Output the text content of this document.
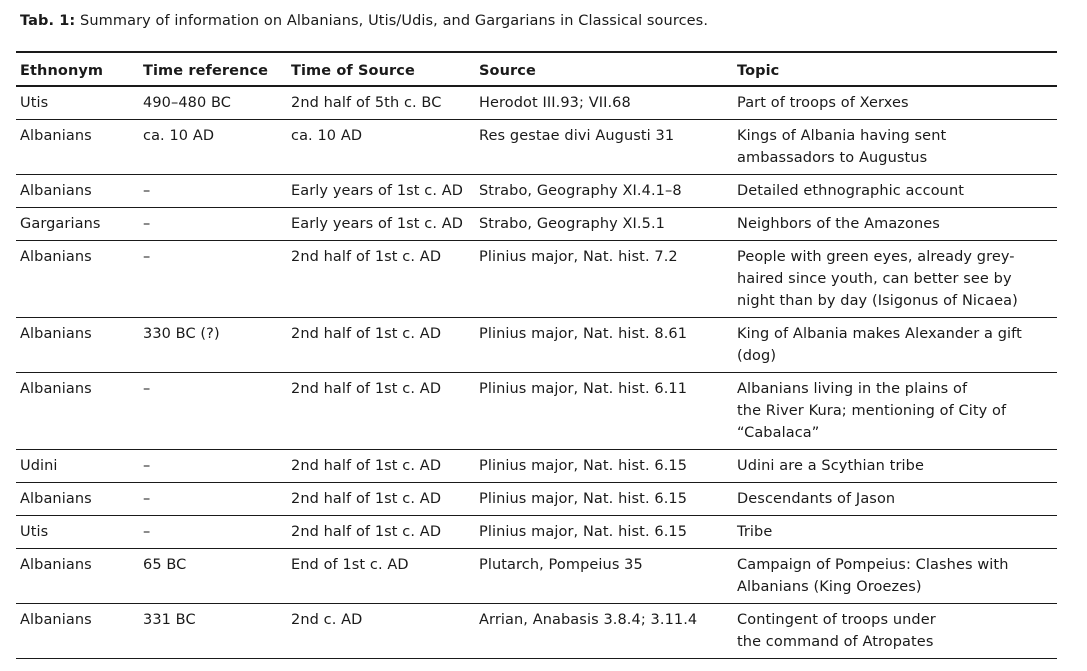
Tab. 1: Summary of information on Albanians, Utis/Udis, and Gargarians in Classical sources.
Ethnonym	Time reference	Time of Source	Source	Topic
Utis	490–480 BC	2nd half of 5th c. BC	Herodot III.93; VII.68	Part of troops of Xerxes

Albanians	ca. 10 AD	ca. 10 AD	Res gestae divi Augusti 31	Kings of Albania having sent
ambassadors to Augustus

Albanians	–	Early years of 1st c. AD	Strabo, Geography XI.4.1–8	Detailed ethnographic account

Gargarians	–	Early years of 1st c. AD	Strabo, Geography XI.5.1	Neighbors of the Amazones

Albanians	–	2nd half of 1st c. AD	Plinius major, Nat. hist. 7.2	People with green eyes, already grey-
haired since youth, can better see by
night than by day (Isigonus of Nicaea)

Albanians	330 BC (?)	2nd half of 1st c. AD	Plinius major, Nat. hist. 8.61	King of Albania makes Alexander a gift
(dog)

Albanians	–	2nd half of 1st c. AD	Plinius major, Nat. hist. 6.11	Albanians living in the plains of
the River Kura; mentioning of City of
“Cabalaca”

Udini	–	2nd half of 1st c. AD	Plinius major, Nat. hist. 6.15	Udini are a Scythian tribe

Albanians	–	2nd half of 1st c. AD	Plinius major, Nat. hist. 6.15	Descendants of Jason

Utis	–	2nd half of 1st c. AD	Plinius major, Nat. hist. 6.15	Tribe

Albanians	65 BC	End of 1st c. AD	Plutarch, Pompeius 35	Campaign of Pompeius: Clashes with
Albanians (King Oroezes)

Albanians	331 BC	2nd c. AD	Arrian, Anabasis 3.8.4; 3.11.4	Contingent of troops under
the command of Atropates
